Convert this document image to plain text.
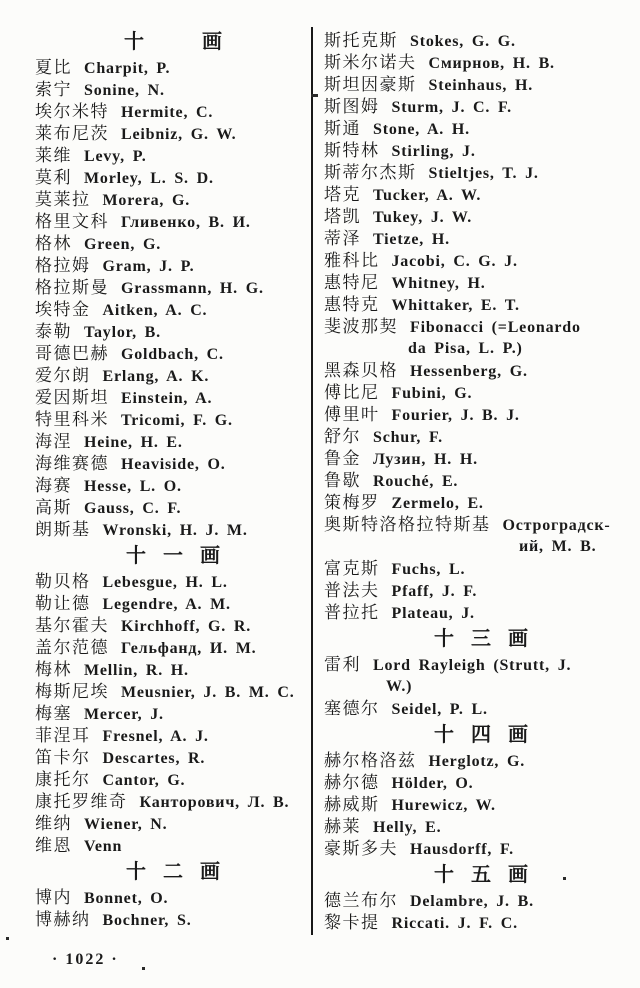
十	画
夏比 Charpit, P.
索宁 Sonine, N.
埃尔米特 Hermite, C.
莱布尼茨 Leibniz, G. W.
莱维 Levy, P.
莫利 Morley, L. S. D.
莫莱拉 Morera, G.
格里文科 Гливенко, В. И.
格林 Green, G.
格拉姆 Gram, J. P.
格拉斯曼 Grassmann, H. G.
埃特金 Aitken, A. C.
泰勒 Taylor, B.
哥德巴赫 Goldbach, C.
爱尔朗 Erlang, A. K.
爱因斯坦 Einstein, A.
特里科米 Tricomi, F. G.
海涅 Heine, H. E.
海维赛德 Heaviside, O.
海赛 Hesse, L. O.
高斯 Gauss, C. F.
朗斯基 Wronski, H. J. M.
十 一 画
勒贝格 Lebesgue, H. L.
勒让德 Legendre, A. M.
基尔霍夫 Kirchhoff, G. R.
盖尔范德 Гельфанд, И. М.
梅林 Mellin, R. H.
梅斯尼埃 Meusnier, J. B. M. C.
梅塞 Mercer, J.
菲涅耳 Fresnel, A. J.
笛卡尔 Descartes, R.
康托尔 Cantor, G.
康托罗维奇 Канторович, Л. В.
维纳 Wiener, N.
维恩 Venn
十 二 画
博内 Bonnet, O.
博赫纳 Bochner, S.
斯托克斯 Stokes, G. G.
斯米尔诺夫 Смирнов, Н. В.
斯坦因豪斯 Steinhaus, H.
斯图姆 Sturm, J. C. F.
斯通 Stone, A. H.
斯特林 Stirling, J.
斯蒂尔杰斯 Stieltjes, T. J.
塔克 Tucker, A. W.
塔凯 Tukey, J. W.
蒂泽 Tietze, H.
雅科比 Jacobi, C. G. J.
惠特尼 Whitney, H.
惠特克 Whittaker, E. T.
斐波那契 Fibonacci (=Leonardo
da Pisa, L. P.)
黑森贝格 Hessenberg, G.
傅比尼 Fubini, G.
傅里叶 Fourier, J. B. J.
舒尔 Schur, F.
鲁金 Лузин, Н. Н.
鲁歇 Rouché, E.
策梅罗 Zermelo, E.
奥斯特洛格拉特斯基 Остроградск-
ий, М. В.
富克斯 Fuchs, L.
普法夫 Pfaff, J. F.
普拉托 Plateau, J.
十 三 画
雷利 Lord Rayleigh (Strutt, J.
W.)
塞德尔 Seidel, P. L.
十 四 画
赫尔格洛兹 Herglotz, G.
赫尔德 Hölder, O.
赫威斯 Hurewicz, W.
赫莱 Helly, E.
豪斯多夫 Hausdorff, F.
十 五 画
德兰布尔 Delambre, J. B.
黎卡提 Riccati. J. F. C.
· 1022 ·
